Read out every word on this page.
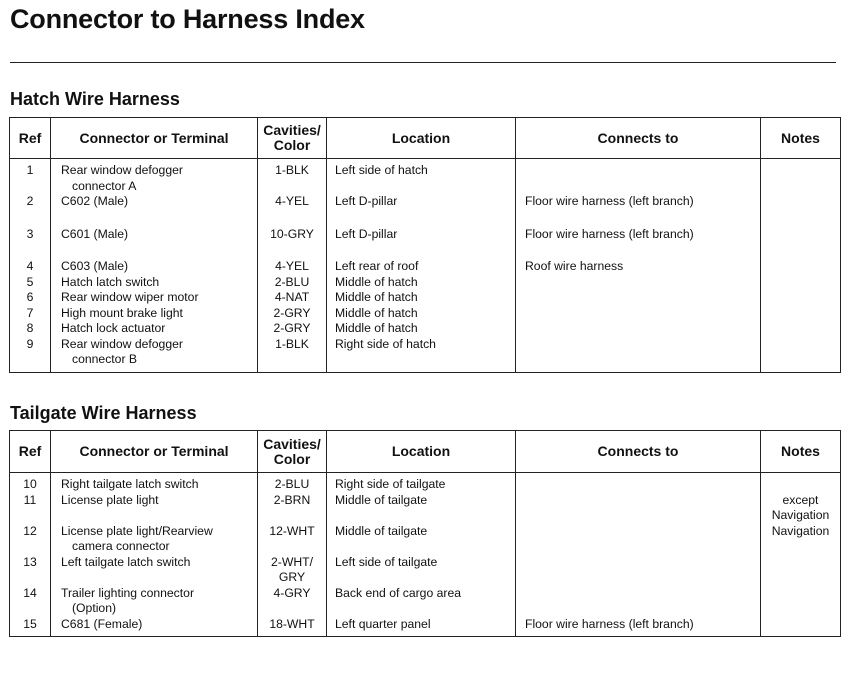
Connector to Harness Index
Hatch Wire Harness
Ref	Connector or Terminal	Cavities/
Color	Location	Connects to	Notes
1	Rear window defogger
connector A	1-BLK	Left side of hatch		
2	C602 (Male)	4-YEL	Left D-pillar	Floor wire harness (left branch)	

3	C601 (Male)	10-GRY	Left D-pillar	Floor wire harness (left branch)	

4	C603 (Male)	4-YEL	Left rear of roof	Roof wire harness	
5	Hatch latch switch	2-BLU	Middle of hatch		
6	Rear window wiper motor	4-NAT	Middle of hatch		
7	High mount brake light	2-GRY	Middle of hatch		
8	Hatch lock actuator	2-GRY	Middle of hatch		
9	Rear window defogger
connector B	1-BLK	Right side of hatch		
Tailgate Wire Harness
Ref	Connector or Terminal	Cavities/
Color	Location	Connects to	Notes
10	Right tailgate latch switch	2-BLU	Right side of tailgate		
11	License plate light	2-BRN	Middle of tailgate		except
Navigation

12	License plate light/Rearview
camera connector	12-WHT	Middle of tailgate		Navigation

13	Left tailgate latch switch	2-WHT/
GRY	Left side of tailgate		
14	Trailer lighting connector
(Option)	4-GRY	Back end of cargo area		
15	C681 (Female)	18-WHT	Left quarter panel	Floor wire harness (left branch)	
